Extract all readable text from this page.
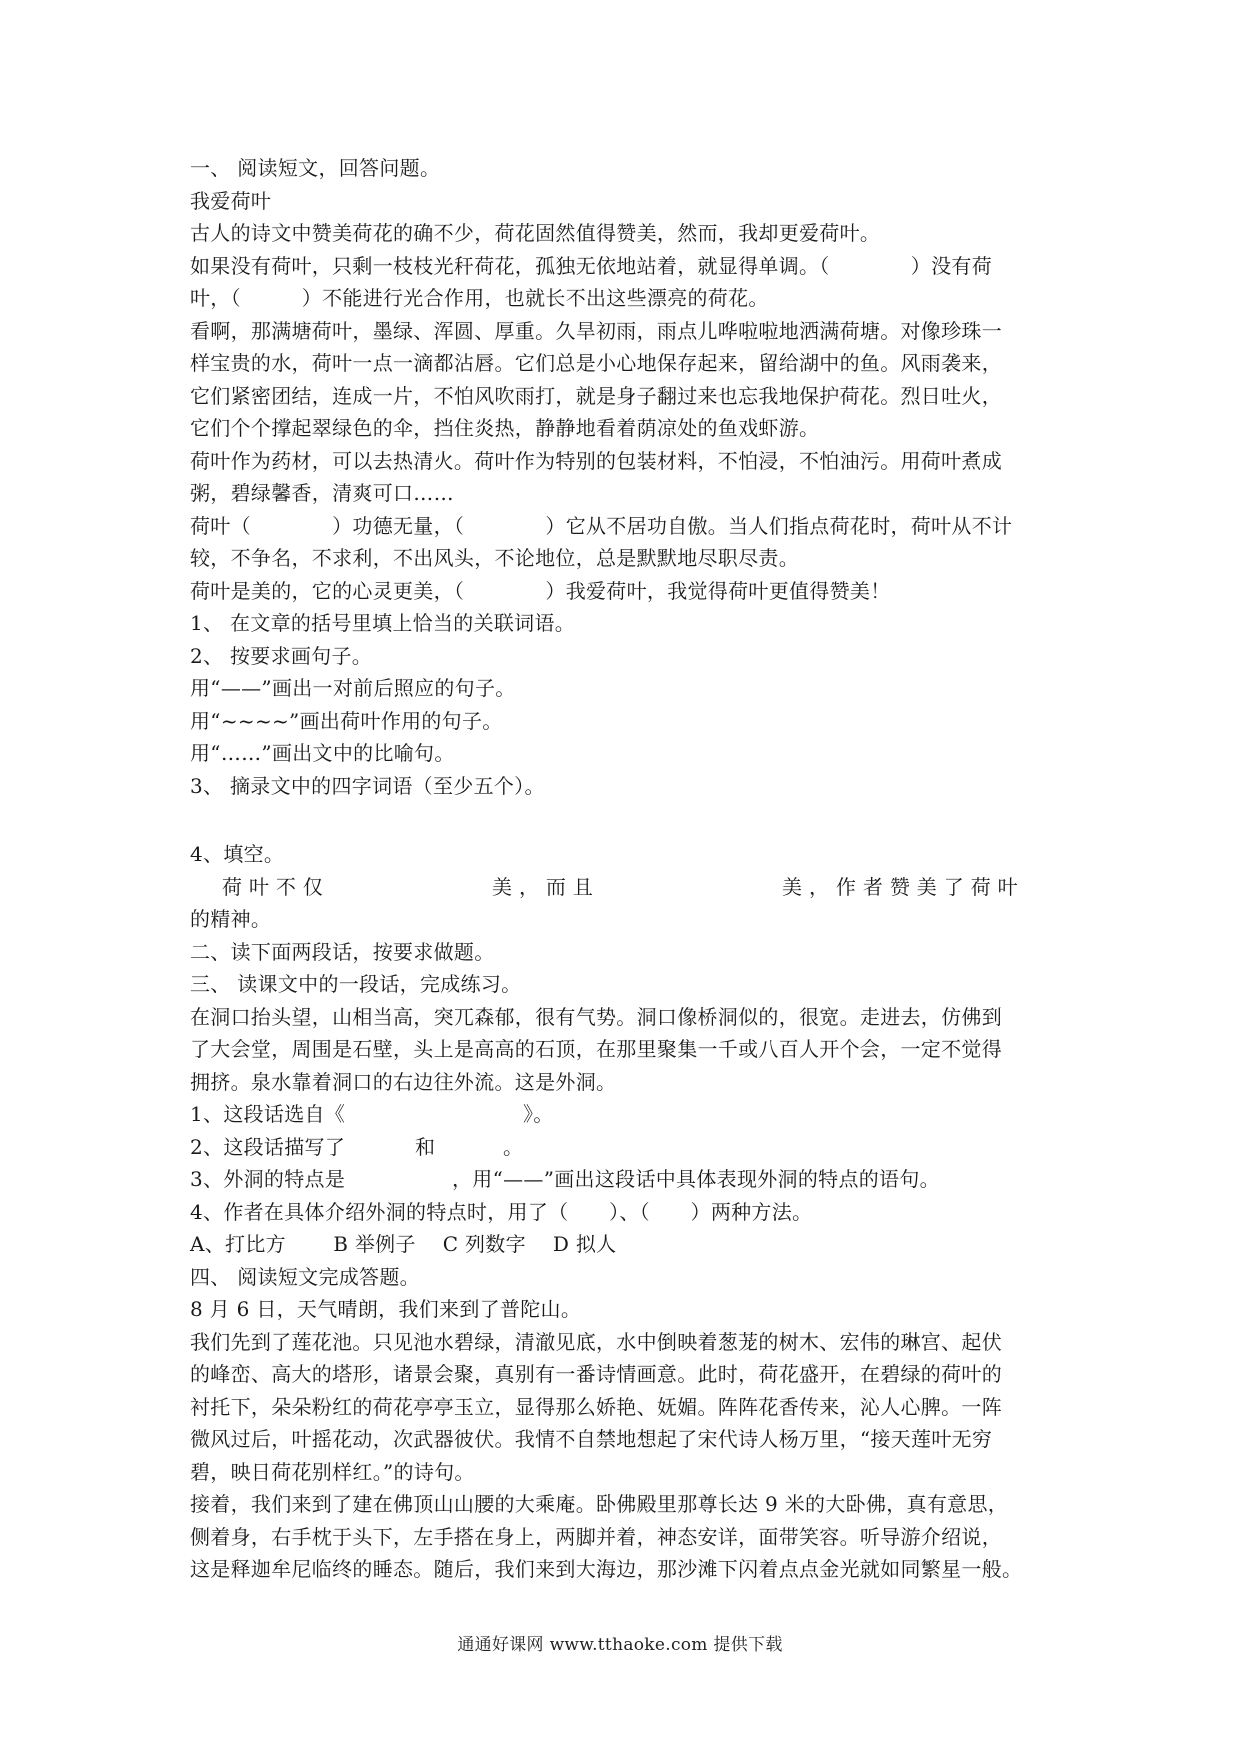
一、 阅读短文，回答问题。
我爱荷叶
古人的诗文中赞美荷花的确不少，荷花固然值得赞美，然而，我却更爱荷叶。
如果没有荷叶，只剩一枝枝光秆荷花，孤独无依地站着，就显得单调。（　　　　）没有荷
叶，（　　　）不能进行光合作用，也就长不出这些漂亮的荷花。
看啊，那满塘荷叶，墨绿、浑圆、厚重。久旱初雨，雨点儿哗啦啦地洒满荷塘。对像珍珠一
样宝贵的水，荷叶一点一滴都沾唇。它们总是小心地保存起来，留给湖中的鱼。风雨袭来，
它们紧密团结，连成一片，不怕风吹雨打，就是身子翻过来也忘我地保护荷花。烈日吐火，
它们个个撑起翠绿色的伞，挡住炎热，静静地看着荫凉处的鱼戏虾游。
荷叶作为药材，可以去热清火。荷叶作为特别的包装材料，不怕浸，不怕油污。用荷叶煮成
粥，碧绿馨香，清爽可口……
荷叶（　　　　）功德无量，（　　　　）它从不居功自傲。当人们指点荷花时，荷叶从不计
较，不争名，不求利，不出风头，不论地位，总是默默地尽职尽责。
荷叶是美的，它的心灵更美，（　　　　）我爱荷叶，我觉得荷叶更值得赞美！
1、 在文章的括号里填上恰当的关联词语。
2、 按要求画句子。
用“——”画出一对前后照应的句子。
用“~~~~”画出荷叶作用的句子。
用“……”画出文中的比喻句。
3、 摘录文中的四字词语（至少五个）。
4、填空。
荷 叶 不 仅	美 ， 而 且	美 ， 作 者 赞 美 了 荷 叶
的精神。
二、读下面两段话，按要求做题。
三、 读课文中的一段话，完成练习。
在洞口抬头望，山相当高，突兀森郁，很有气势。洞口像桥洞似的，很宽。走进去，仿佛到
了大会堂，周围是石壁，头上是高高的石顶，在那里聚集一千或八百人开个会，一定不觉得
拥挤。泉水靠着洞口的右边往外流。这是外洞。
1、这段话选自《	》。
2、这段话描写了	和	。
3、外洞的特点是	，用“——”画出这段话中具体表现外洞的特点的语句。
4、作者在具体介绍外洞的特点时，用了（　　）、（　　）两种方法。
A、打比方　　 B 举例子　 C 列数字　 D 拟人
四、 阅读短文完成答题。
8 月 6 日，天气晴朗，我们来到了普陀山。
我们先到了莲花池。只见池水碧绿，清澈见底，水中倒映着葱茏的树木、宏伟的琳宫、起伏
的峰峦、高大的塔形，诸景会聚，真别有一番诗情画意。此时，荷花盛开，在碧绿的荷叶的
衬托下，朵朵粉红的荷花亭亭玉立，显得那么娇艳、妩媚。阵阵花香传来，沁人心脾。一阵
微风过后，叶摇花动，次武器彼伏。我情不自禁地想起了宋代诗人杨万里，“接天莲叶无穷
碧，映日荷花别样红。”的诗句。
接着，我们来到了建在佛顶山山腰的大乘庵。卧佛殿里那尊长达 9 米的大卧佛，真有意思，
侧着身，右手枕于头下，左手搭在身上，两脚并着，神态安详，面带笑容。听导游介绍说，
这是释迦牟尼临终的睡态。随后，我们来到大海边，那沙滩下闪着点点金光就如同繁星一般。
通通好课网 www.tthaoke.com 提供下载
